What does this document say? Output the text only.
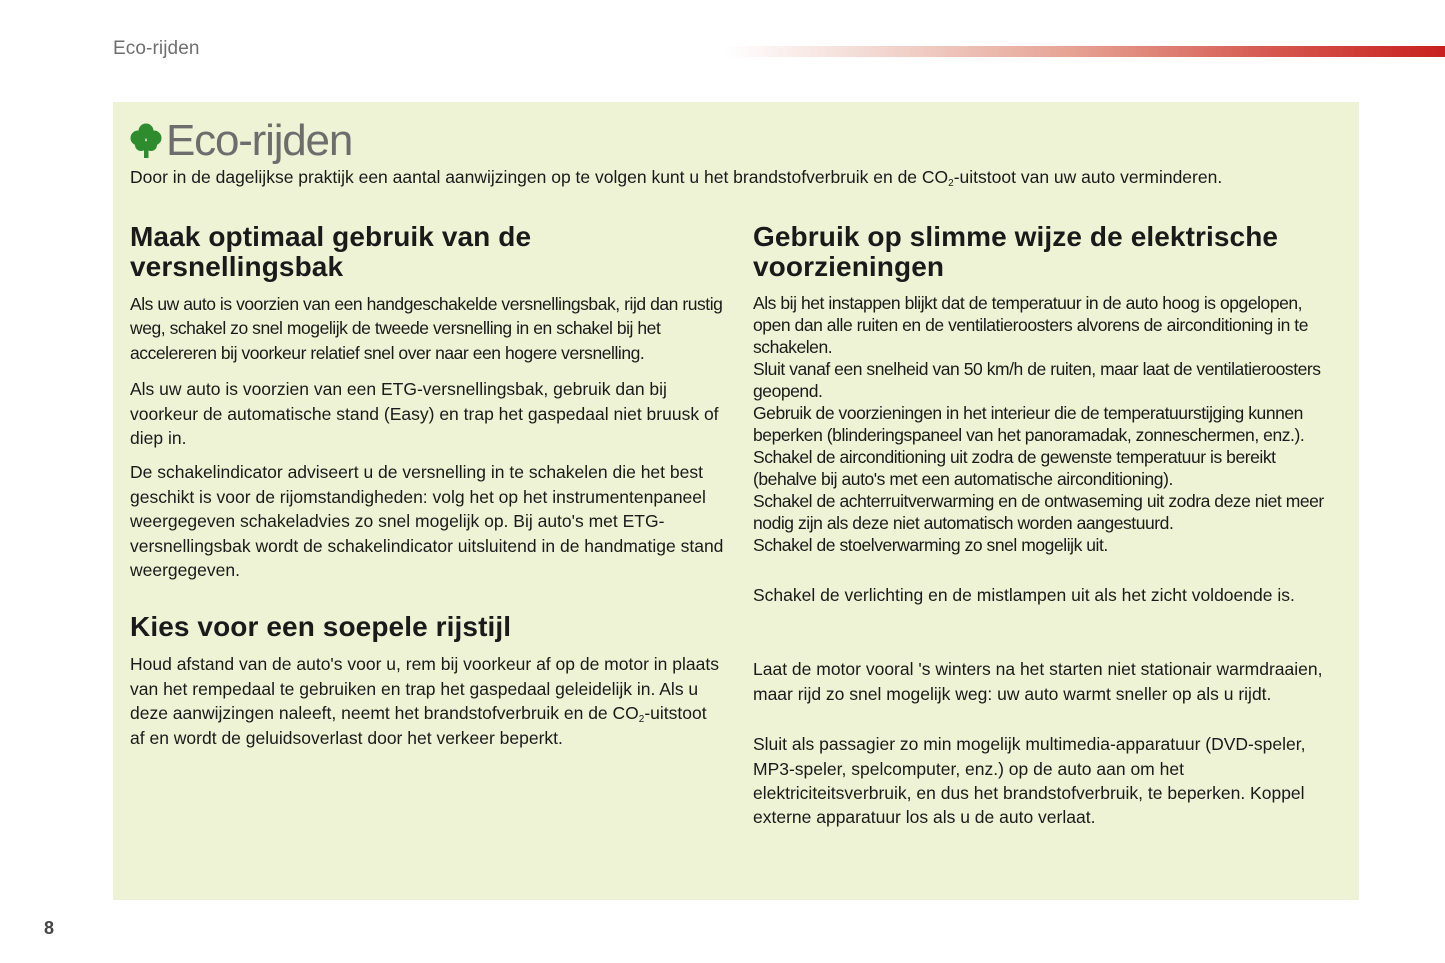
Eco-rijden
Eco-rijden
Door in de dagelijkse praktijk een aantal aanwijzingen op te volgen kunt u het brandstofverbruik en de $CO_2$-uitstoot van uw auto verminderen.
Maak optimaal gebruik van de versnellingsbak

Als uw auto is voorzien van een handgeschakelde versnellingsbak, rijd dan rustig weg, schakel zo snel mogelijk de tweede versnelling in en schakel bij het accelereren bij voorkeur relatief snel over naar een hogere versnelling.

Als uw auto is voorzien van een ETG-versnellingsbak, gebruik dan bij voorkeur de automatische stand (Easy) en trap het gaspedaal niet bruusk of diep in.

De schakelindicator adviseert u de versnelling in te schakelen die het best geschikt is voor de rijomstandigheden: volg het op het instrumentenpaneel weergegeven schakeladvies zo snel mogelijk op. Bij auto's met ETG-versnellingsbak wordt de schakelindicator uitsluitend in de handmatige stand weergegeven.

Kies voor een soepele rijstijl

Houd afstand van de auto's voor u, rem bij voorkeur af op de motor in plaats van het rempedaal te gebruiken en trap het gaspedaal geleidelijk in. Als u deze aanwijzingen naleeft, neemt het brandstofverbruik en de $CO_2$-uitstoot af en wordt de geluidsoverlast door het verkeer beperkt.

Gebruik op slimme wijze de elektrische voorzieningen

Als bij het instappen blijkt dat de temperatuur in de auto hoog is opgelopen, open dan alle ruiten en de ventilatieroosters alvorens de airconditioning in te schakelen.
Sluit vanaf een snelheid van 50 km/h de ruiten, maar laat de ventilatieroosters geopend.
Gebruik de voorzieningen in het interieur die de temperatuurstijging kunnen beperken (blinderingspaneel van het panoramadak, zonneschermen, enz.).
Schakel de airconditioning uit zodra de gewenste temperatuur is bereikt (behalve bij auto's met een automatische airconditioning).
Schakel de achterruitverwarming en de ontwaseming uit zodra deze niet meer nodig zijn als deze niet automatisch worden aangestuurd.
Schakel de stoelverwarming zo snel mogelijk uit.

Schakel de verlichting en de mistlampen uit als het zicht voldoende is.

Laat de motor vooral 's winters na het starten niet stationair warmdraaien, maar rijd zo snel mogelijk weg: uw auto warmt sneller op als u rijdt.

Sluit als passagier zo min mogelijk multimedia-apparatuur (DVD-speler, MP3-speler, spelcomputer, enz.) op de auto aan om het elektriciteitsverbruik, en dus het brandstofverbruik, te beperken. Koppel externe apparatuur los als u de auto verlaat.

8
